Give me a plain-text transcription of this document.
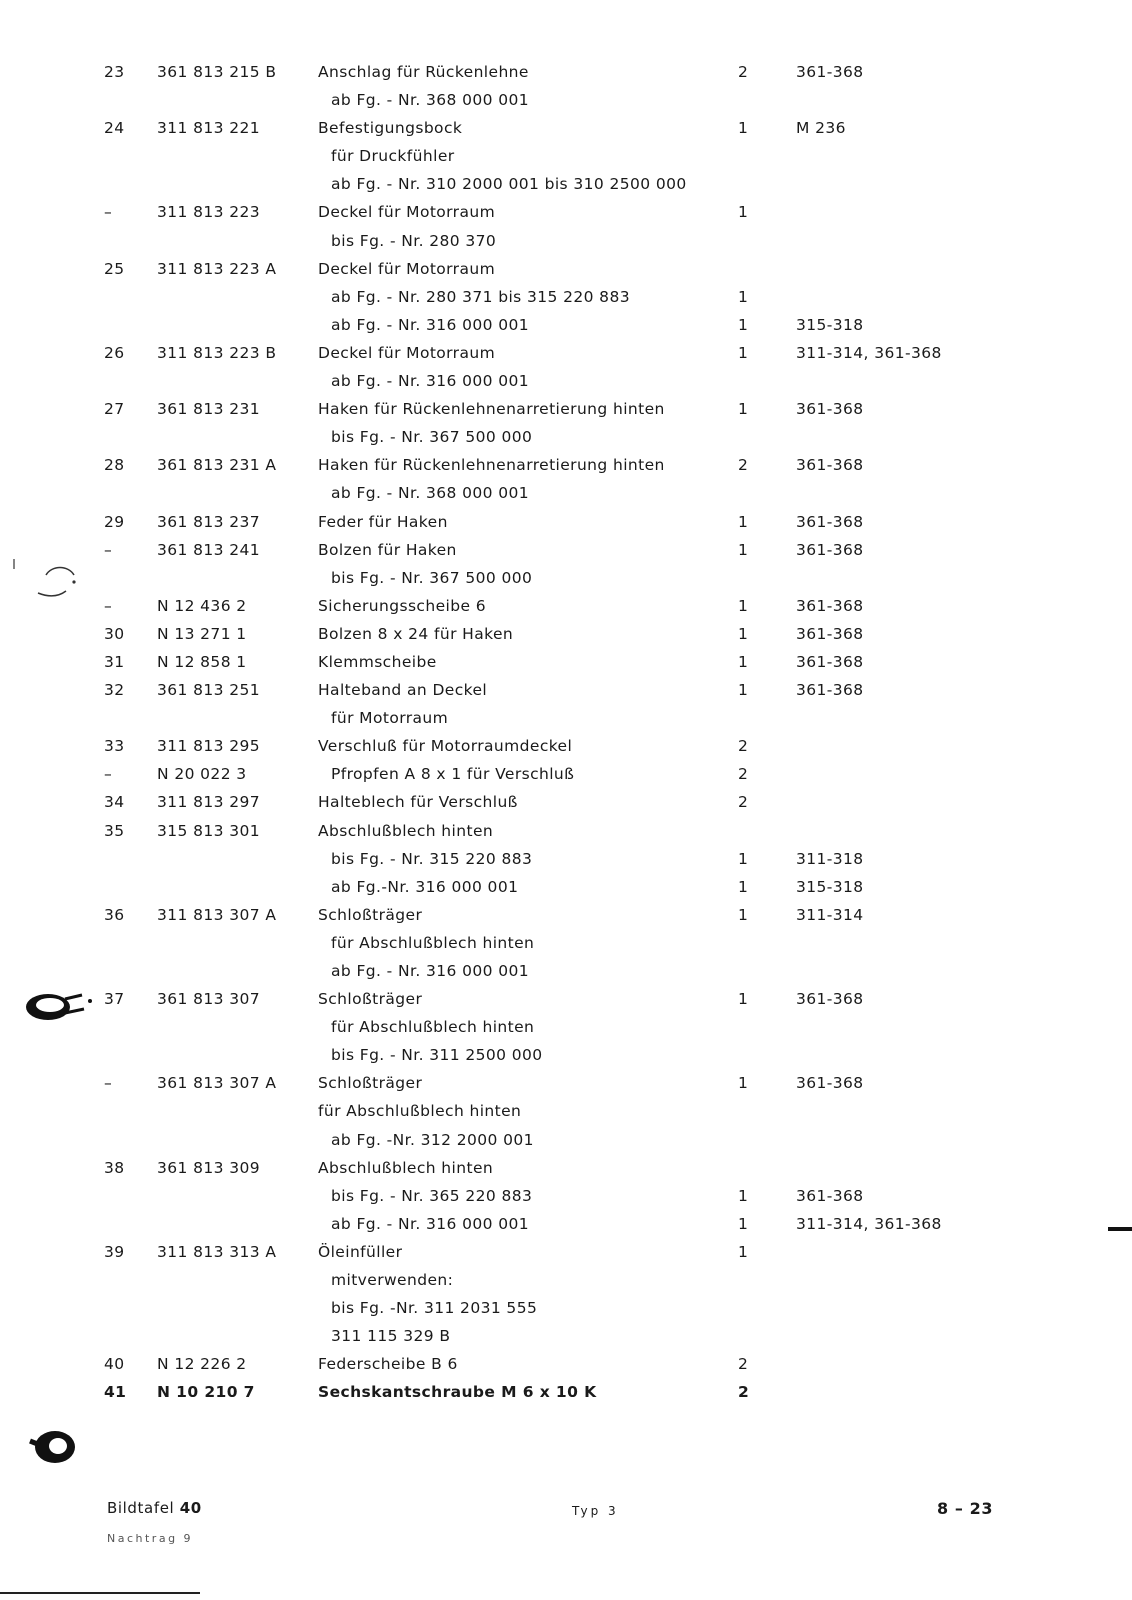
23 361 813 215 B	Anschlag für Rückenlehne	2	361-368
ab Fg. - Nr. 368 000 001
24 311 813 221	Befestigungsbock	1	M 236
für Druckfühler
ab Fg. - Nr. 310 2000 001 bis 310 2500 000
–	311 813 223	Deckel für Motorraum	1
bis Fg. - Nr. 280 370
25 311 813 223 A	Deckel für Motorraum
ab Fg. - Nr. 280 371 bis 315 220 883	1
ab Fg. - Nr. 316 000 001	1	315-318
26 311 813 223 B	Deckel für Motorraum	1	311-314, 361-368
ab Fg. - Nr. 316 000 001
27 361 813 231	Haken für Rückenlehnenarretierung hinten	1	361-368
bis Fg. - Nr. 367 500 000
28 361 813 231 A	Haken für Rückenlehnenarretierung hinten	2	361-368
ab Fg. - Nr. 368 000 001
29 361 813 237	Feder für Haken	1	361-368
–	361 813 241	Bolzen für Haken	1	361-368
bis Fg. - Nr. 367 500 000
–	N 12 436 2	Sicherungsscheibe 6	1	361-368
30 N 13 271 1	Bolzen 8 x 24 für Haken	1	361-368
31 N 12 858 1	Klemmscheibe	1	361-368
32 361 813 251	Halteband an Deckel	1	361-368
für Motorraum
33 311 813 295	Verschluß für Motorraumdeckel	2
–	N 20 022 3	Pfropfen A 8 x 1 für Verschluß	2
34 311 813 297	Halteblech für Verschluß	2
35 315 813 301	Abschlußblech hinten
bis Fg. - Nr. 315 220 883	1	311-318
ab Fg.-Nr. 316 000 001	1	315-318
36 311 813 307 A	Schloßträger	1	311-314
für Abschlußblech hinten
ab Fg. - Nr. 316 000 001
37 361 813 307	Schloßträger	1	361-368
für Abschlußblech hinten
bis Fg. - Nr. 311 2500 000
–	361 813 307 A	Schloßträger	1	361-368
für Abschlußblech hinten
ab Fg. -Nr. 312 2000 001
38 361 813 309	Abschlußblech hinten
bis Fg. - Nr. 365 220 883	1	361-368
ab Fg. - Nr. 316 000 001	1	311-314, 361-368
39 311 813 313 A	Öleinfüller	1
mitverwenden:
bis Fg. -Nr. 311 2031 555
311 115 329 B
40 N 12 226 2	Federscheibe B 6	2
41 N 10 210 7	Sechskantschraube M 6 x 10 K	2
Bildtafel 40
Nachtrag 9
Typ 3	8 – 23
